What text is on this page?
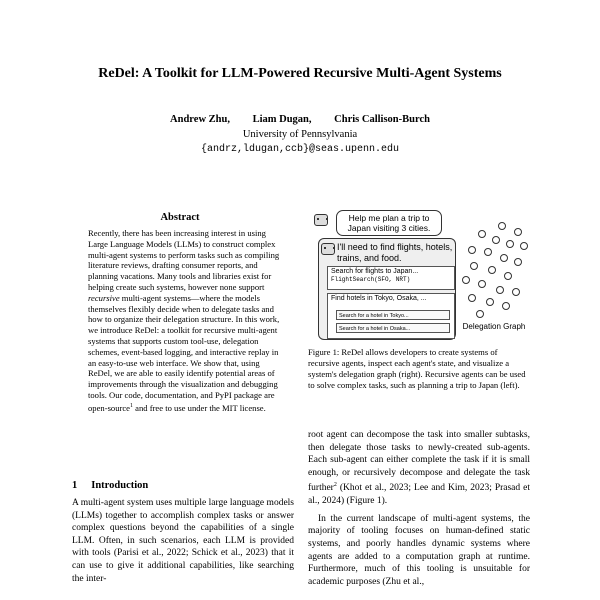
ReDel: A Toolkit for LLM-Powered Recursive Multi-Agent Systems
Andrew Zhu, Liam Dugan, Chris Callison-Burch
University of Pennsylvania
{andrz,ldugan,ccb}@seas.upenn.edu
Abstract

Recently, there has been increasing interest in using Large Language Models (LLMs) to construct complex multi-agent systems to perform tasks such as compiling literature reviews, drafting consumer reports, and planning vacations. Many tools and libraries exist for helping create such systems, however none support recursive multi-agent systems—where the models themselves flexibly decide when to delegate tasks and how to organize their delegation structure. In this work, we introduce ReDel: a toolkit for recursive multi-agent systems that supports custom tool-use, delegation schemes, event-based logging, and interactive replay in an easy-to-use web interface. We show that, using ReDel, we are able to easily identify potential areas of improvements through the visualization and debugging tools. Our code, documentation, and PyPI package are open-source$^1$ and free to use under the MIT license.

1 Introduction

A multi-agent system uses multiple large language models (LLMs) together to accomplish complex tasks or answer complex questions beyond the capabilities of a single LLM. Often, in such scenarios, each LLM is provided with tools (Parisi et al., 2022; Schick et al., 2023) that it can use to give it additional capabilities, like searching the inter-

Help me plan a trip to Japan visiting 3 cities.
I'll need to find flights, hotels, trains, and food.
Search for flights to Japan...
FlightSearch(SFO, NRT)
Find hotels in Tokyo, Osaka, ...
Search for a hotel in Tokyo...
Search for a hotel in Osaka...	Delegation Graph

Figure 1: ReDel allows developers to create systems of recursive agents, inspect each agent's state, and visualize a system's delegation graph (right). Recursive agents can be used to solve complex tasks, such as planning a trip to Japan (left).

root agent can decompose the task into smaller subtasks, then delegate those tasks to newly-created sub-agents. Each sub-agent can either complete the task if it is small enough, or recursively decompose and delegate the task further$^2$ (Khot et al., 2023; Lee and Kim, 2023; Prasad et al., 2024) (Figure 1).

In the current landscape of multi-agent systems, the majority of tooling focuses on human-defined static systems, and poorly handles dynamic systems where agents are added to a computation graph at runtime. Furthermore, much of this tooling is unsuitable for academic purposes (Zhu et al.,
